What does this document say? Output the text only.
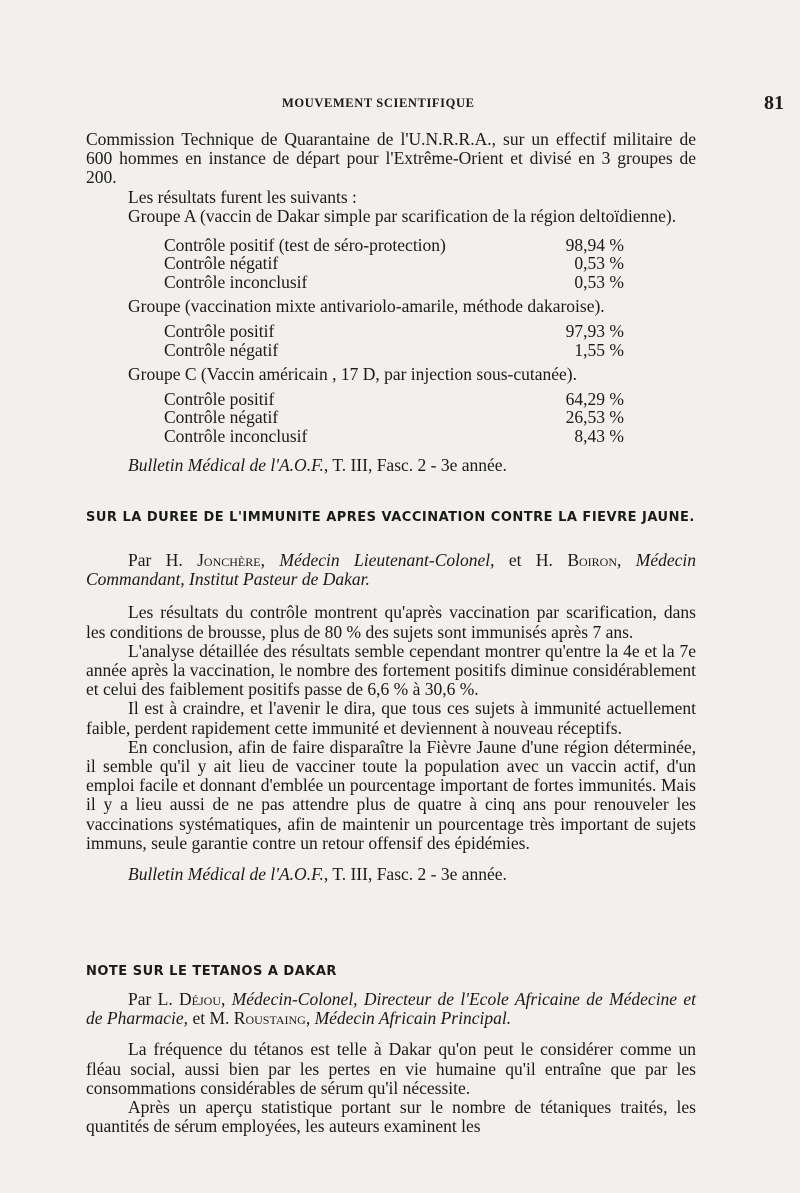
MOUVEMENT SCIENTIFIQUE	81

Commission Technique de Quarantaine de l'U.N.R.R.A., sur un effectif militaire de 600 hommes en instance de départ pour l'Extrême-Orient et divisé en 3 groupes de 200.

Les résultats furent les suivants :

Groupe A (vaccin de Dakar simple par scarification de la région deltoïdienne).

Contrôle positif (test de séro-protection)	98,94 %
Contrôle négatif	0,53 %
Contrôle inconclusif	0,53 %

Groupe (vaccination mixte antivariolo-amarile, méthode dakaroise).

Contrôle positif	97,93 %
Contrôle négatif	1,55 %

Groupe C (Vaccin américain , 17 D, par injection sous-cutanée).

Contrôle positif	64,29 %
Contrôle négatif	26,53 %
Contrôle inconclusif	8,43 %

Bulletin Médical de l'A.O.F., T. III, Fasc. 2 - 3e année.

SUR LA DUREE DE L'IMMUNITE APRES VACCINATION CONTRE LA FIEVRE JAUNE.

Par H. Jonchère, Médecin Lieutenant-Colonel, et H. Boiron, Médecin Commandant, Institut Pasteur de Dakar.

Les résultats du contrôle montrent qu'après vaccination par scarification, dans les conditions de brousse, plus de 80 % des sujets sont immunisés après 7 ans.

L'analyse détaillée des résultats semble cependant montrer qu'entre la 4e et la 7e année après la vaccination, le nombre des fortement positifs diminue considérablement et celui des faiblement positifs passe de 6,6 % à 30,6 %.

Il est à craindre, et l'avenir le dira, que tous ces sujets à immunité actuellement faible, perdent rapidement cette immunité et deviennent à nouveau réceptifs.

En conclusion, afin de faire disparaître la Fièvre Jaune d'une région déterminée, il semble qu'il y ait lieu de vacciner toute la population avec un vaccin actif, d'un emploi facile et donnant d'emblée un pourcentage important de fortes immunités. Mais il y a lieu aussi de ne pas attendre plus de quatre à cinq ans pour renouveler les vaccinations systématiques, afin de maintenir un pourcentage très important de sujets immuns, seule garantie contre un retour offensif des épidémies.

Bulletin Médical de l'A.O.F., T. III, Fasc. 2 - 3e année.

NOTE SUR LE TETANOS A DAKAR

Par L. Déjou, Médecin-Colonel, Directeur de l'Ecole Africaine de Médecine et de Pharmacie, et M. Roustaing, Médecin Africain Principal.

La fréquence du tétanos est telle à Dakar qu'on peut le considérer comme un fléau social, aussi bien par les pertes en vie humaine qu'il entraîne que par les consommations considérables de sérum qu'il nécessite.

Après un aperçu statistique portant sur le nombre de tétaniques traités, les quantités de sérum employées, les auteurs examinent les
